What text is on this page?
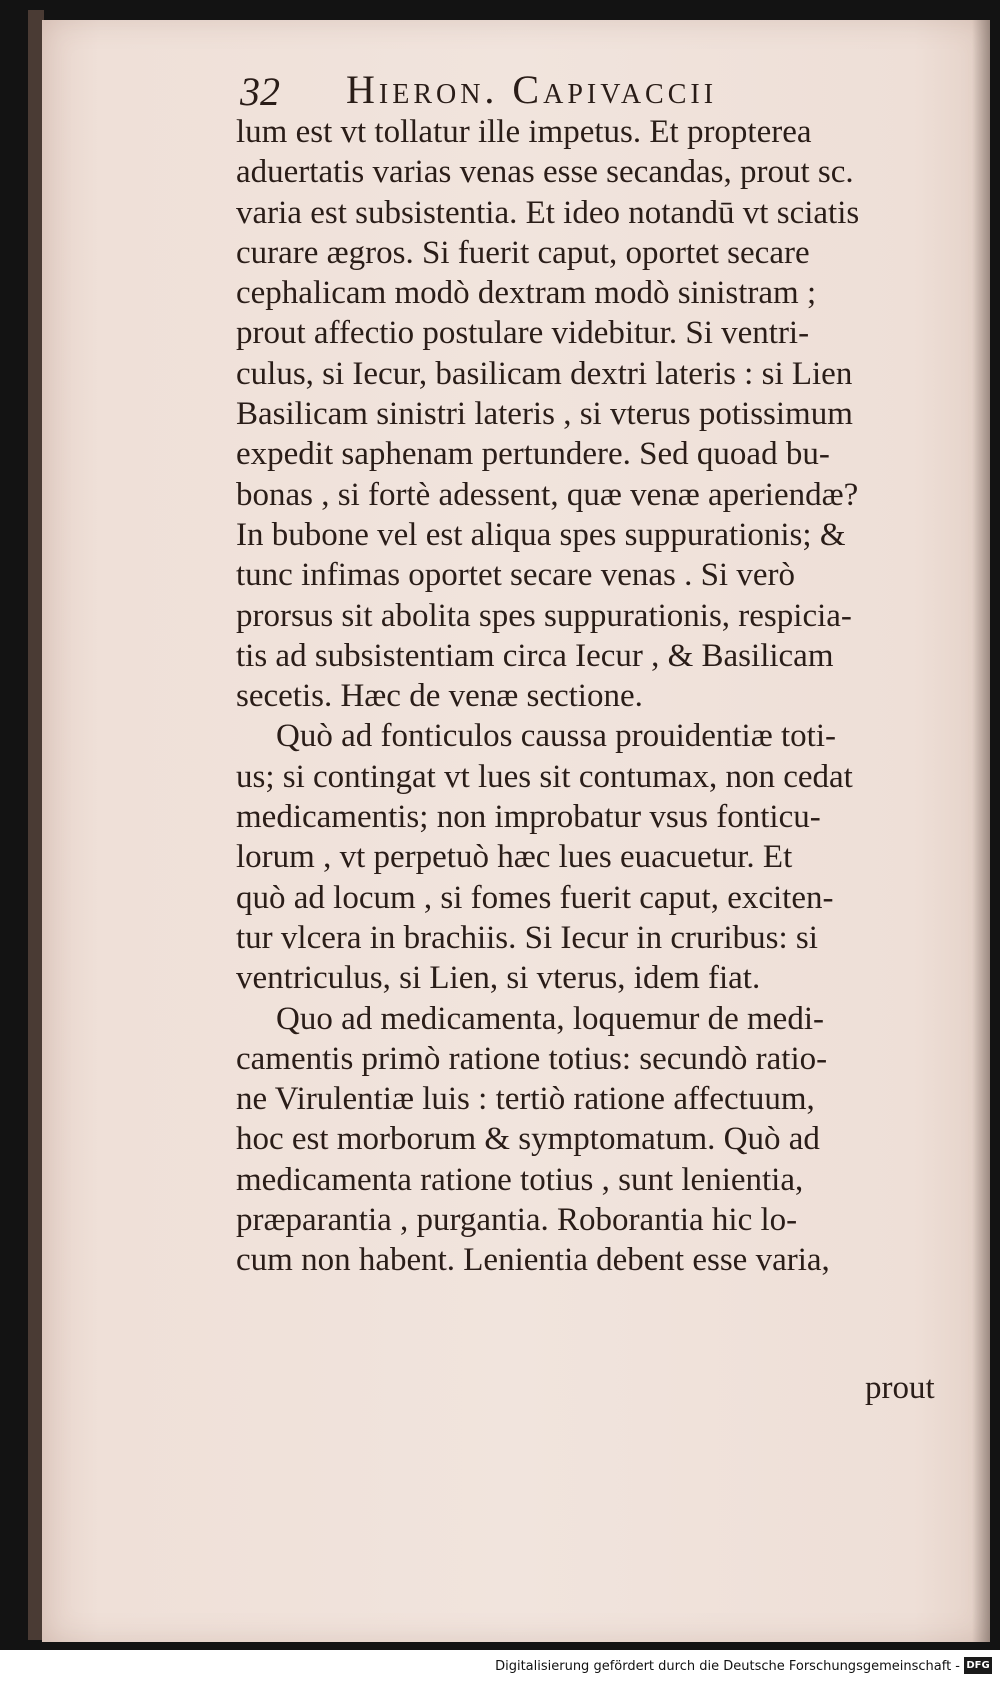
32 Hieron. Capivaccii
lum est vt tollatur ille impetus. Et propterea
aduertatis varias venas esse secandas, prout sc.
varia est subsistentia. Et ideo notandū vt sciatis
curare ægros. Si fuerit caput, oportet secare
cephalicam modò dextram modò sinistram ;
prout affectio postulare videbitur. Si ventri-
culus, si Iecur, basilicam dextri lateris : si Lien
Basilicam sinistri lateris , si vterus potissimum
expedit saphenam pertundere. Sed quoad bu-
bonas , si fortè adessent, quæ venæ aperiendæ?
In bubone vel est aliqua spes suppurationis; &
tunc infimas oportet secare venas . Si verò
prorsus sit abolita spes suppurationis, respicia-
tis ad subsistentiam circa Iecur , & Basilicam
secetis. Hæc de venæ sectione.
Quò ad fonticulos caussa prouidentiæ toti-
us; si contingat vt lues sit contumax, non cedat
medicamentis; non improbatur vsus fonticu-
lorum , vt perpetuò hæc lues euacuetur. Et
quò ad locum , si fomes fuerit caput, exciten-
tur vlcera in brachiis. Si Iecur in cruribus: si
ventriculus, si Lien, si vterus, idem fiat.
Quo ad medicamenta, loquemur de medi-
camentis primò ratione totius: secundò ratio-
ne Virulentiæ luis : tertiò ratione affectuum,
hoc est morborum & symptomatum. Quò ad
medicamenta ratione totius , sunt lenientia,
præparantia , purgantia. Roborantia hic lo-
cum non habent. Lenientia debent esse varia,
prout
Digitalisierung gefördert durch die Deutsche Forschungsgemeinschaft - DFG
